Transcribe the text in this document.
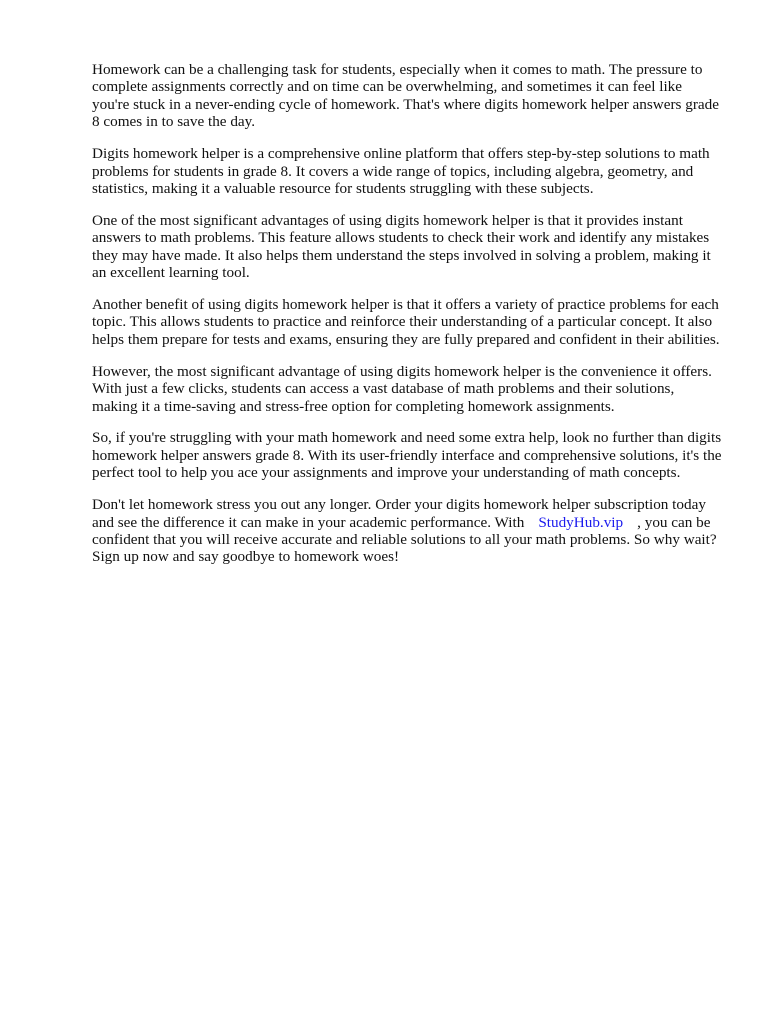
Homework can be a challenging task for students, especially when it comes to math. The pressure to complete assignments correctly and on time can be overwhelming, and sometimes it can feel like you're stuck in a never-ending cycle of homework. That's where digits homework helper answers grade 8 comes in to save the day.

Digits homework helper is a comprehensive online platform that offers step-by-step solutions to math problems for students in grade 8. It covers a wide range of topics, including algebra, geometry, and statistics, making it a valuable resource for students struggling with these subjects.

One of the most significant advantages of using digits homework helper is that it provides instant answers to math problems. This feature allows students to check their work and identify any mistakes they may have made. It also helps them understand the steps involved in solving a problem, making it an excellent learning tool.

Another benefit of using digits homework helper is that it offers a variety of practice problems for each topic. This allows students to practice and reinforce their understanding of a particular concept. It also helps them prepare for tests and exams, ensuring they are fully prepared and confident in their abilities.

However, the most significant advantage of using digits homework helper is the convenience it offers. With just a few clicks, students can access a vast database of math problems and their solutions, making it a time-saving and stress-free option for completing homework assignments.

So, if you're struggling with your math homework and need some extra help, look no further than digits homework helper answers grade 8. With its user-friendly interface and comprehensive solutions, it's the perfect tool to help you ace your assignments and improve your understanding of math concepts.

Don't let homework stress you out any longer. Order your digits homework helper subscription today and see the difference it can make in your academic performance. With StudyHub.vip , you can be confident that you will receive accurate and reliable solutions to all your math problems. So why wait? Sign up now and say goodbye to homework woes!
